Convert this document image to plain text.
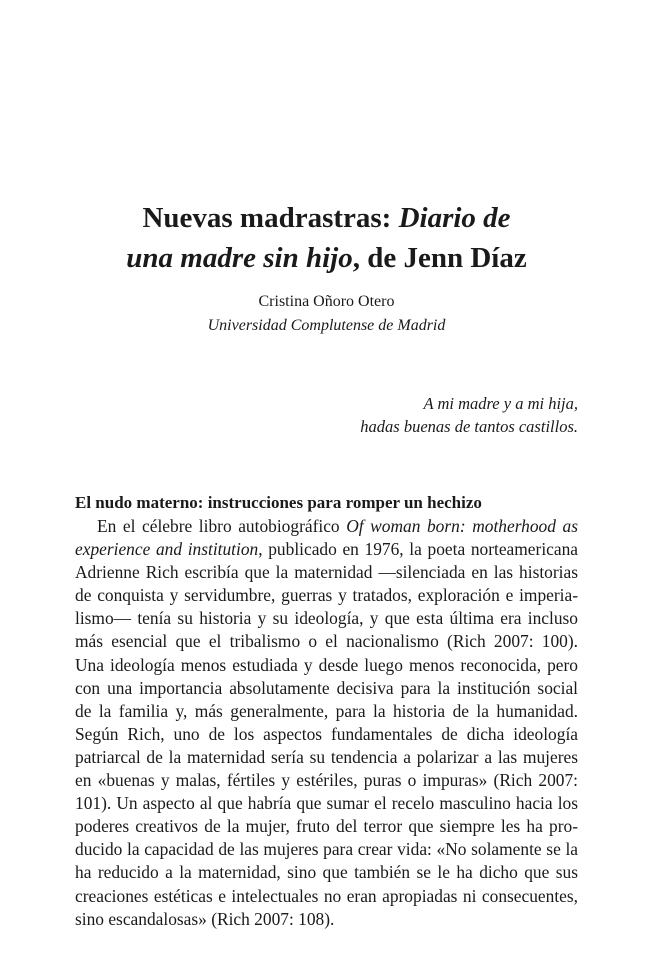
Nuevas madrastras: Diario de
una madre sin hijo, de Jenn Díaz
Cristina Oñoro Otero
Universidad Complutense de Madrid
A mi madre y a mi hija,
hadas buenas de tantos castillos.
El nudo materno: instrucciones para romper un hechizo
En el célebre libro autobiográfico Of woman born: motherhood as
experience and institution, publicado en 1976, la poeta norteamericana
Adrienne Rich escribía que la maternidad —silenciada en las historias
de conquista y servidumbre, guerras y tratados, exploración e imperia-
lismo— tenía su historia y su ideología, y que esta última era incluso
más esencial que el tribalismo o el nacionalismo (Rich 2007: 100).
Una ideología menos estudiada y desde luego menos reconocida, pero
con una importancia absolutamente decisiva para la institución social
de la familia y, más generalmente, para la historia de la humanidad.
Según Rich, uno de los aspectos fundamentales de dicha ideología
patriarcal de la maternidad sería su tendencia a polarizar a las mujeres
en «buenas y malas, fértiles y estériles, puras o impuras» (Rich 2007:
101). Un aspecto al que habría que sumar el recelo masculino hacia los
poderes creativos de la mujer, fruto del terror que siempre les ha pro-
ducido la capacidad de las mujeres para crear vida: «No solamente se la
ha reducido a la maternidad, sino que también se le ha dicho que sus
creaciones estéticas e intelectuales no eran apropiadas ni consecuentes,
sino escandalosas» (Rich 2007: 108).
